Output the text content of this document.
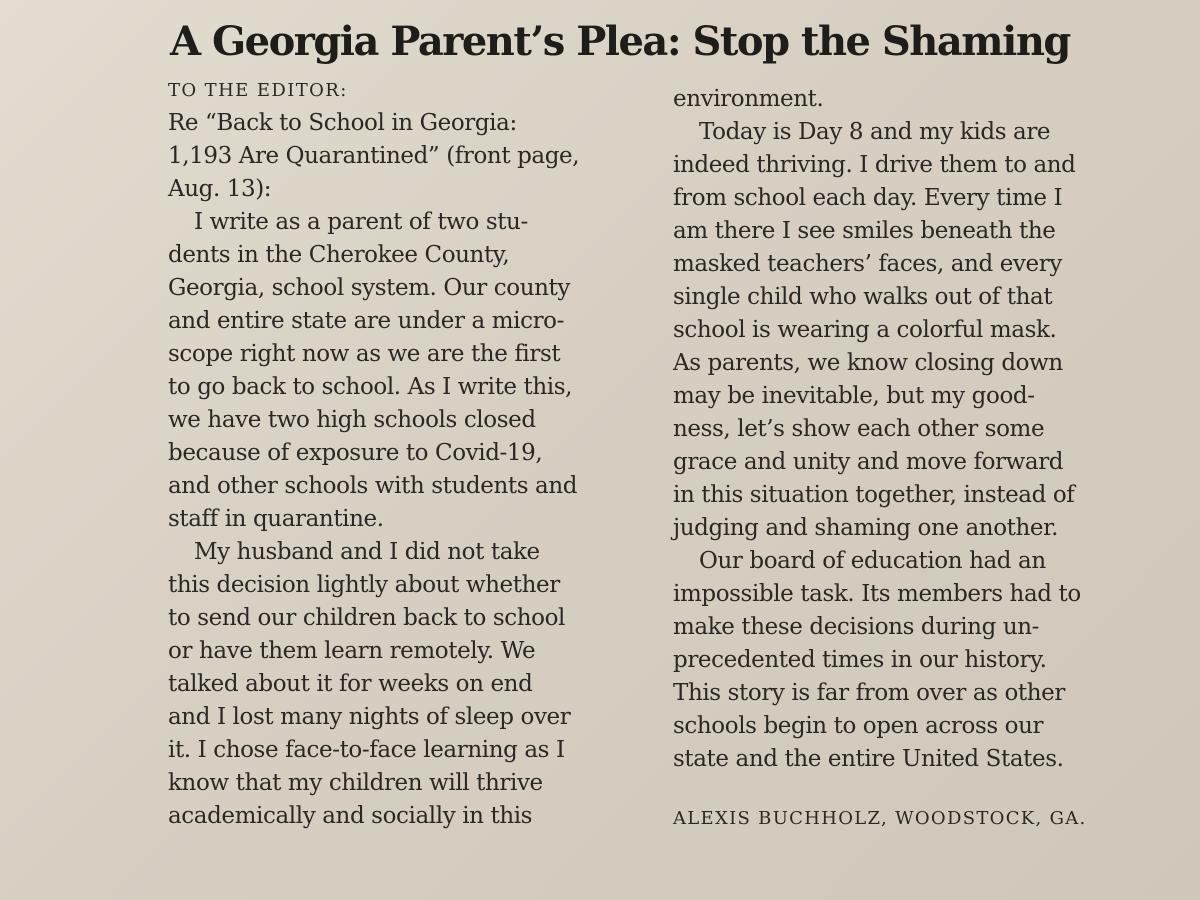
A Georgia Parent’s Plea: Stop the Shaming
TO THE EDITOR:
Re “Back to School in Georgia:
1,193 Are Quarantined” (front page,
Aug. 13):
I write as a parent of two stu-
dents in the Cherokee County,
Georgia, school system. Our county
and entire state are under a micro-
scope right now as we are the first
to go back to school. As I write this,
we have two high schools closed
because of exposure to Covid-19,
and other schools with students and
staff in quarantine.
My husband and I did not take
this decision lightly about whether
to send our children back to school
or have them learn remotely. We
talked about it for weeks on end
and I lost many nights of sleep over
it. I chose face-to-face learning as I
know that my children will thrive
academically and socially in this
environment.
Today is Day 8 and my kids are
indeed thriving. I drive them to and
from school each day. Every time I
am there I see smiles beneath the
masked teachers’ faces, and every
single child who walks out of that
school is wearing a colorful mask.
As parents, we know closing down
may be inevitable, but my good-
ness, let’s show each other some
grace and unity and move forward
in this situation together, instead of
judging and shaming one another.
Our board of education had an
impossible task. Its members had to
make these decisions during un-
precedented times in our history.
This story is far from over as other
schools begin to open across our
state and the entire United States.
ALEXIS BUCHHOLZ, WOODSTOCK, GA.
